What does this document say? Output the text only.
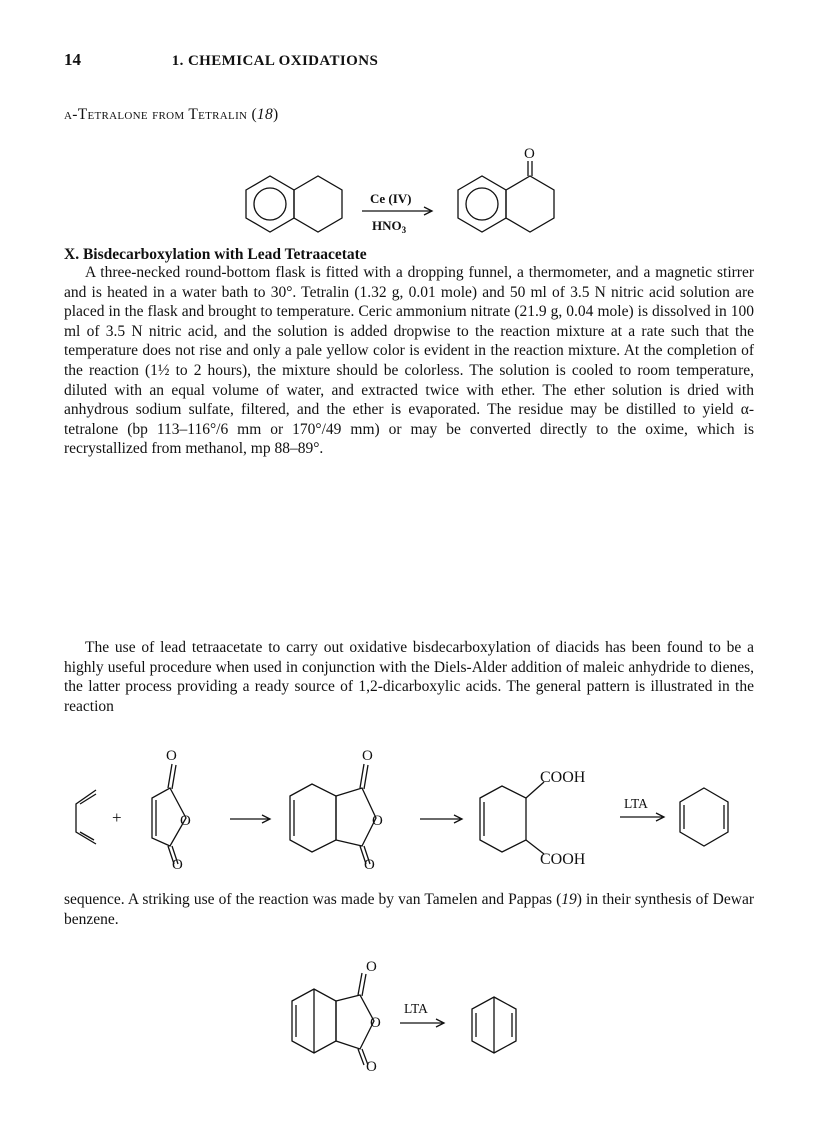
14	1. CHEMICAL OXIDATIONS
α-Tetralone from Tetralin (18)
Ce (IV)
$HNO_3$
O

A three-necked round-bottom flask is fitted with a dropping funnel, a thermometer, and a magnetic stirrer and is heated in a water bath to 30°. Tetralin (1.32 g, 0.01 mole) and 50 ml of 3.5 N nitric acid solution are placed in the flask and brought to temperature. Ceric ammonium nitrate (21.9 g, 0.04 mole) is dissolved in 100 ml of 3.5 N nitric acid, and the solution is added dropwise to the reaction mixture at a rate such that the temperature does not rise and only a pale yellow color is evident in the reaction mixture. At the completion of the reaction (1½ to 2 hours), the mixture should be colorless. The solution is cooled to room temperature, diluted with an equal volume of water, and extracted twice with ether. The ether solution is dried with anhydrous sodium sulfate, filtered, and the ether is evaporated. The residue may be distilled to yield α-tetralone (bp 113–116°/6 mm or 170°/49 mm) or may be converted directly to the oxime, which is recrystallized from methanol, mp 88–89°.

X. Bisdecarboxylation with Lead Tetraacetate

The use of lead tetraacetate to carry out oxidative bisdecarboxylation of diacids has been found to be a highly useful procedure when used in conjunction with the Diels-Alder addition of maleic anhydride to dienes, the latter process providing a ready source of 1,2-dicarboxylic acids. The general pattern is illustrated in the reaction

+
O
O
O
O
O
O
COOH
COOH
LTA

sequence. A striking use of the reaction was made by van Tamelen and Pappas (19) in their synthesis of Dewar benzene.

O
O
O
LTA
